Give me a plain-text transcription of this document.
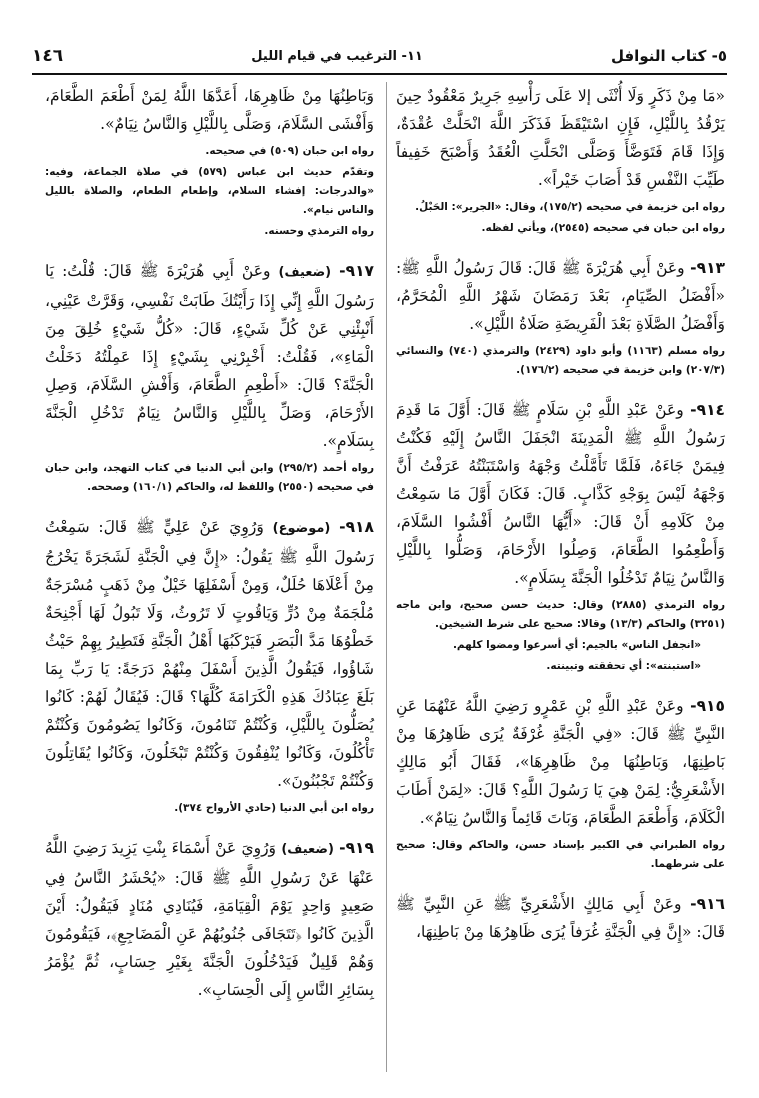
٥- كتاب النوافل
١١- الترغيب في قيام الليل
١٤٦

«مَا مِنْ ذَكَرٍ وَلَا أُنْثَى إلا عَلَى رَأْسِهِ جَرِيرٌ مَعْقُودٌ حِينَ يَرْقُدُ بِاللَّيْلِ، فَإِنِ اسْتَيْقَظَ فَذَكَرَ اللَّهَ انْحَلَّتْ عُقْدَةٌ، وَإِذَا قَامَ فَتَوَضَّأَ وَصَلَّى انْحَلَّتِ الْعُقَدُ وَأَصْبَحَ خَفِيفاً طَيِّبَ النَّفْسِ قَدْ أَصَابَ خَيْراً».

رواه ابن خزيمة في صحيحه (١٧٥/٢)، وقال: «الجرير»: الحَبْلُ.

رواه ابن حبان في صحيحه (٢٥٤٥)، ويأتي لفظه.

٩١٣- وعَنْ أَبِي هُرَيْرَةَ ﷺ قَالَ: قَالَ رَسُولُ اللَّهِ ﷺ: «أَفْضَلُ الصِّيَامِ، بَعْدَ رَمَضَانَ شَهْرُ اللَّهِ الْمُحَرَّمُ، وَأَفْضَلُ الصَّلَاةِ بَعْدَ الْفَرِيضَةِ صَلَاةُ اللَّيْلِ».

رواه مسلم (١١٦٣) وأبو داود (٢٤٢٩) والترمذي (٧٤٠) والنسائي (٢٠٧/٣) وابن خزيمة في صحيحه (١٧٦/٢).

٩١٤- وعَنْ عَبْدِ اللَّهِ بْنِ سَلَامٍ ﷺ قَالَ: أَوَّلَ مَا قَدِمَ رَسُولُ اللَّهِ ﷺ الْمَدِينَةَ انْجَفَلَ النَّاسُ إِلَيْهِ فَكُنْتُ فِيمَنْ جَاءَهُ، فَلَمَّا تَأَمَّلْتُ وَجْهَهُ وَاسْتَبَنْتُهُ عَرَفْتُ أَنَّ وَجْهَهُ لَيْسَ بِوَجْهِ كَذَّابٍ. قَالَ: فَكَانَ أَوَّلَ مَا سَمِعْتُ مِنْ كَلَامِهِ أَنْ قَالَ: «أَيُّهَا النَّاسُ أَفْشُوا السَّلَامَ، وَأَطْعِمُوا الطَّعَامَ، وَصِلُوا الأَرْحَامَ، وَصَلُّوا بِاللَّيْلِ وَالنَّاسُ نِيَامٌ تَدْخُلُوا الْجَنَّةَ بِسَلَامٍ».

رواه الترمذي (٢٨٨٥) وقال: حديث حسن صحيح، وابن ماجه (٣٢٥١) والحاكم (١٣/٣) وقالا: صحيح على شرط الشيخين.

«انجفل الناس» بالجيم: أي أسرعوا ومضوا كلهم.

«استبنته»: أي تحققته وتبينته.

٩١٥- وعَنْ عَبْدِ اللَّهِ بْنِ عَمْرٍو رَضِيَ اللَّهُ عَنْهُمَا عَنِ النَّبِيِّ ﷺ قَالَ: «فِي الْجَنَّةِ غُرْفَةٌ يُرَى ظَاهِرُهَا مِنْ بَاطِنِهَا، وَبَاطِنُهَا مِنْ ظَاهِرِهَا»، فَقَالَ أَبُو مَالِكٍ الأَشْعَرِيُّ: لِمَنْ هِيَ يَا رَسُولَ اللَّهِ؟ قَالَ: «لِمَنْ أَطَابَ الْكَلَامَ، وَأَطْعَمَ الطَّعَامَ، وَبَاتَ قَائِماً وَالنَّاسُ نِيَامٌ».

رواه الطبراني في الكبير بإسناد حسن، والحاكم وقال: صحيح على شرطهما.

٩١٦- وعَنْ أَبِي مَالِكٍ الأَشْعَرِيِّ ﷺ عَنِ النَّبِيِّ ﷺ قَالَ: «إِنَّ فِي الْجَنَّةِ غُرَفاً يُرَى ظَاهِرُهَا مِنْ بَاطِنِهَا،

وَبَاطِنُهَا مِنْ ظَاهِرِهَا، أَعَدَّهَا اللَّهُ لِمَنْ أَطْعَمَ الطَّعَامَ، وَأَفْشَى السَّلَامَ، وَصَلَّى بِاللَّيْلِ وَالنَّاسُ نِيَامٌ».

رواه ابن حبان (٥٠٩) في صحيحه.

وتقدّم حديث ابن عباس (٥٧٩) في صلاة الجماعة، وفيه: «والدرجات: إفشاء السلام، وإطعام الطعام، والصلاة بالليل والناس نيام».

رواه الترمذي وحسنه.

٩١٧- (ضعيف) وعَنْ أَبِي هُرَيْرَةَ ﷺ قَالَ: قُلْتُ: يَا رَسُولَ اللَّهِ إِنِّي إِذَا رَأَيْتُكَ طَابَتْ نَفْسِي، وَقَرَّتْ عَيْنِي، أَنْبِئْنِي عَنْ كُلِّ شَيْءٍ، قَالَ: «كُلُّ شَيْءٍ خُلِقَ مِنَ الْمَاءِ»، فَقُلْتُ: أَخْبِرْنِي بِشَيْءٍ إِذَا عَمِلْتُهُ دَخَلْتُ الْجَنَّةَ؟ قَالَ: «أَطْعِمِ الطَّعَامَ، وَأَفْشِ السَّلَامَ، وَصِلِ الأَرْحَامَ، وَصَلِّ بِاللَّيْلِ وَالنَّاسُ نِيَامٌ تَدْخُلِ الْجَنَّةَ بِسَلَامٍ».

رواه أحمد (٢٩٥/٢) وابن أبي الدنيا في كتاب التهجد، وابن حبان في صحيحه (٢٥٥٠) واللفظ له، والحاكم (١٦٠/١) وصححه.

٩١٨- (موضوع) وَرُوِيَ عَنْ عَلِيٍّ ﷺ قَالَ: سَمِعْتُ رَسُولَ اللَّهِ ﷺ يَقُولُ: «إِنَّ فِي الْجَنَّةِ لَشَجَرَةً يَخْرُجُ مِنْ أَعْلَاهَا حُلَلٌ، وَمِنْ أَسْفَلِهَا خَيْلٌ مِنْ ذَهَبٍ مُسْرَجَةٌ مُلْجَمَةٌ مِنْ دُرٍّ وَيَاقُوتٍ لَا تَرُوثُ، وَلَا تَبُولُ لَهَا أَجْنِحَةٌ خَطْوُهَا مَدَّ الْبَصَرِ فَيَرْكَبُهَا أَهْلُ الْجَنَّةِ فَتَطِيرُ بِهِمْ حَيْثُ شَاؤُوا، فَيَقُولُ الَّذِينَ أَسْفَلَ مِنْهُمْ دَرَجَةً: يَا رَبِّ بِمَا بَلَغَ عِبَادُكَ هَذِهِ الْكَرَامَةَ كُلَّهَا؟ قَالَ: فَيُقَالُ لَهُمْ: كَانُوا يُصَلُّونَ بِاللَّيْلِ، وَكُنْتُمْ تَنَامُونَ، وَكَانُوا يَصُومُونَ وَكُنْتُمْ تَأْكُلُونَ، وَكَانُوا يُنْفِقُونَ وَكُنْتُمْ تَبْخَلُونَ، وَكَانُوا يُقَاتِلُونَ وَكُنْتُمْ تَجْبُنُونَ».

رواه ابن أبي الدنيا (حادي الأرواح ٣٧٤).

٩١٩- (ضعيف) وَرُوِيَ عَنْ أَسْمَاءَ بِنْتِ يَزِيدَ رَضِيَ اللَّهُ عَنْهَا عَنْ رَسُولِ اللَّهِ ﷺ قَالَ: «يُحْشَرُ النَّاسُ فِي صَعِيدٍ وَاحِدٍ يَوْمَ الْقِيَامَةِ، فَيُنَادِي مُنَادٍ فَيَقُولُ: أَيْنَ الَّذِينَ كَانُوا ﴿تَتَجَافَى جُنُوبُهُمْ عَنِ الْمَضَاجِعِ﴾، فَيَقُومُونَ وَهُمْ قَلِيلٌ فَيَدْخُلُونَ الْجَنَّةَ بِغَيْرِ حِسَابٍ، ثُمَّ يُؤْمَرُ بِسَائِرِ النَّاسِ إِلَى الْحِسَابِ».
